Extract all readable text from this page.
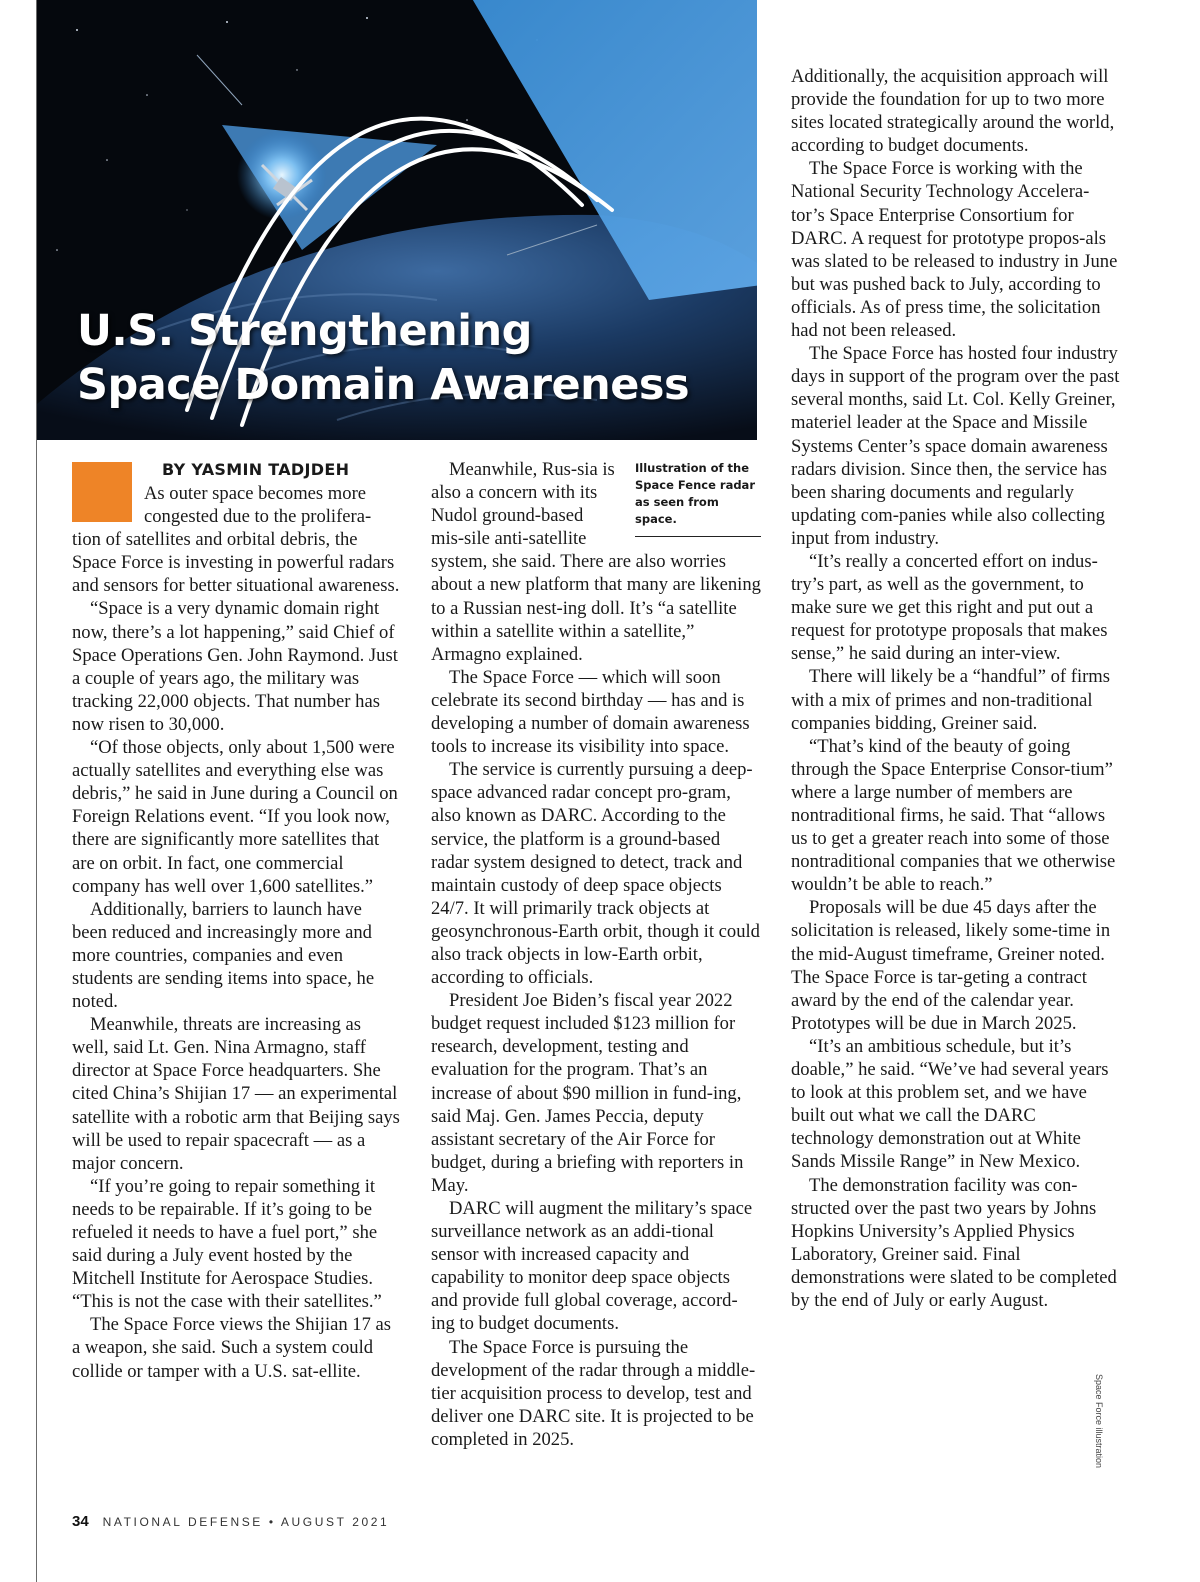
U.S. Strengthening
Space Domain Awareness

BY YASMIN TADJDEH

As outer space becomes more congested due to the prolifera-tion of satellites and orbital debris, the Space Force is investing in powerful radars and sensors for better situational awareness.

“Space is a very dynamic domain right now, there’s a lot happening,” said Chief of Space Operations Gen. John Raymond. Just a couple of years ago, the military was tracking 22,000 objects. That number has now risen to 30,000.

“Of those objects, only about 1,500 were actually satellites and everything else was debris,” he said in June during a Council on Foreign Relations event. “If you look now, there are significantly more satellites that are on orbit. In fact, one commercial company has well over 1,600 satellites.”

Additionally, barriers to launch have been reduced and increasingly more and more countries, companies and even students are sending items into space, he noted.

Meanwhile, threats are increasing as well, said Lt. Gen. Nina Armagno, staff director at Space Force headquarters. She cited China’s Shijian 17 — an experimental satellite with a robotic arm that Beijing says will be used to repair spacecraft — as a major concern.

“If you’re going to repair something it needs to be repairable. If it’s going to be refueled it needs to have a fuel port,” she said during a July event hosted by the Mitchell Institute for Aerospace Studies. “This is not the case with their satellites.”

The Space Force views the Shijian 17 as a weapon, she said. Such a system could collide or tamper with a U.S. sat-ellite.

Illustration of the Space Fence radar as seen from space.

Meanwhile, Rus-sia is also a concern with its Nudol ground-based mis-sile anti-satellite system, she said. There are also worries about a new platform that many are likening to a Russian nest-ing doll. It’s “a satellite within a satellite within a satellite,” Armagno explained.

The Space Force — which will soon celebrate its second birthday — has and is developing a number of domain awareness tools to increase its visibility into space.

The service is currently pursuing a deep-space advanced radar concept pro-gram, also known as DARC. According to the service, the platform is a ground-based radar system designed to detect, track and maintain custody of deep space objects 24/7. It will primarily track objects at geosynchronous-Earth orbit, though it could also track objects in low-Earth orbit, according to officials.

President Joe Biden’s fiscal year 2022 budget request included $123 million for research, development, testing and evaluation for the program. That’s an increase of about $90 million in fund-ing, said Maj. Gen. James Peccia, deputy assistant secretary of the Air Force for budget, during a briefing with reporters in May.

DARC will augment the military’s space surveillance network as an addi-tional sensor with increased capacity and capability to monitor deep space objects and provide full global coverage, accord-ing to budget documents.

The Space Force is pursuing the development of the radar through a middle-tier acquisition process to develop, test and deliver one DARC site. It is projected to be completed in 2025.

Additionally, the acquisition approach will provide the foundation for up to two more sites located strategically around the world, according to budget documents.

The Space Force is working with the National Security Technology Accelera-tor’s Space Enterprise Consortium for DARC. A request for prototype propos-als was slated to be released to industry in June but was pushed back to July, according to officials. As of press time, the solicitation had not been released.

The Space Force has hosted four industry days in support of the program over the past several months, said Lt. Col. Kelly Greiner, materiel leader at the Space and Missile Systems Center’s space domain awareness radars division. Since then, the service has been sharing documents and regularly updating com-panies while also collecting input from industry.

“It’s really a concerted effort on indus-try’s part, as well as the government, to make sure we get this right and put out a request for prototype proposals that makes sense,” he said during an inter-view.

There will likely be a “handful” of firms with a mix of primes and non-traditional companies bidding, Greiner said.

“That’s kind of the beauty of going through the Space Enterprise Consor-tium” where a large number of members are nontraditional firms, he said. That “allows us to get a greater reach into some of those nontraditional companies that we otherwise wouldn’t be able to reach.”

Proposals will be due 45 days after the solicitation is released, likely some-time in the mid-August timeframe, Greiner noted. The Space Force is tar-geting a contract award by the end of the calendar year. Prototypes will be due in March 2025.

“It’s an ambitious schedule, but it’s doable,” he said. “We’ve had several years to look at this problem set, and we have built out what we call the DARC technology demonstration out at White Sands Missile Range” in New Mexico.

The demonstration facility was con-structed over the past two years by Johns Hopkins University’s Applied Physics Laboratory, Greiner said. Final demonstrations were slated to be completed by the end of July or early August.

Space Force illustration
34 NATIONAL DEFENSE • AUGUST 2021
